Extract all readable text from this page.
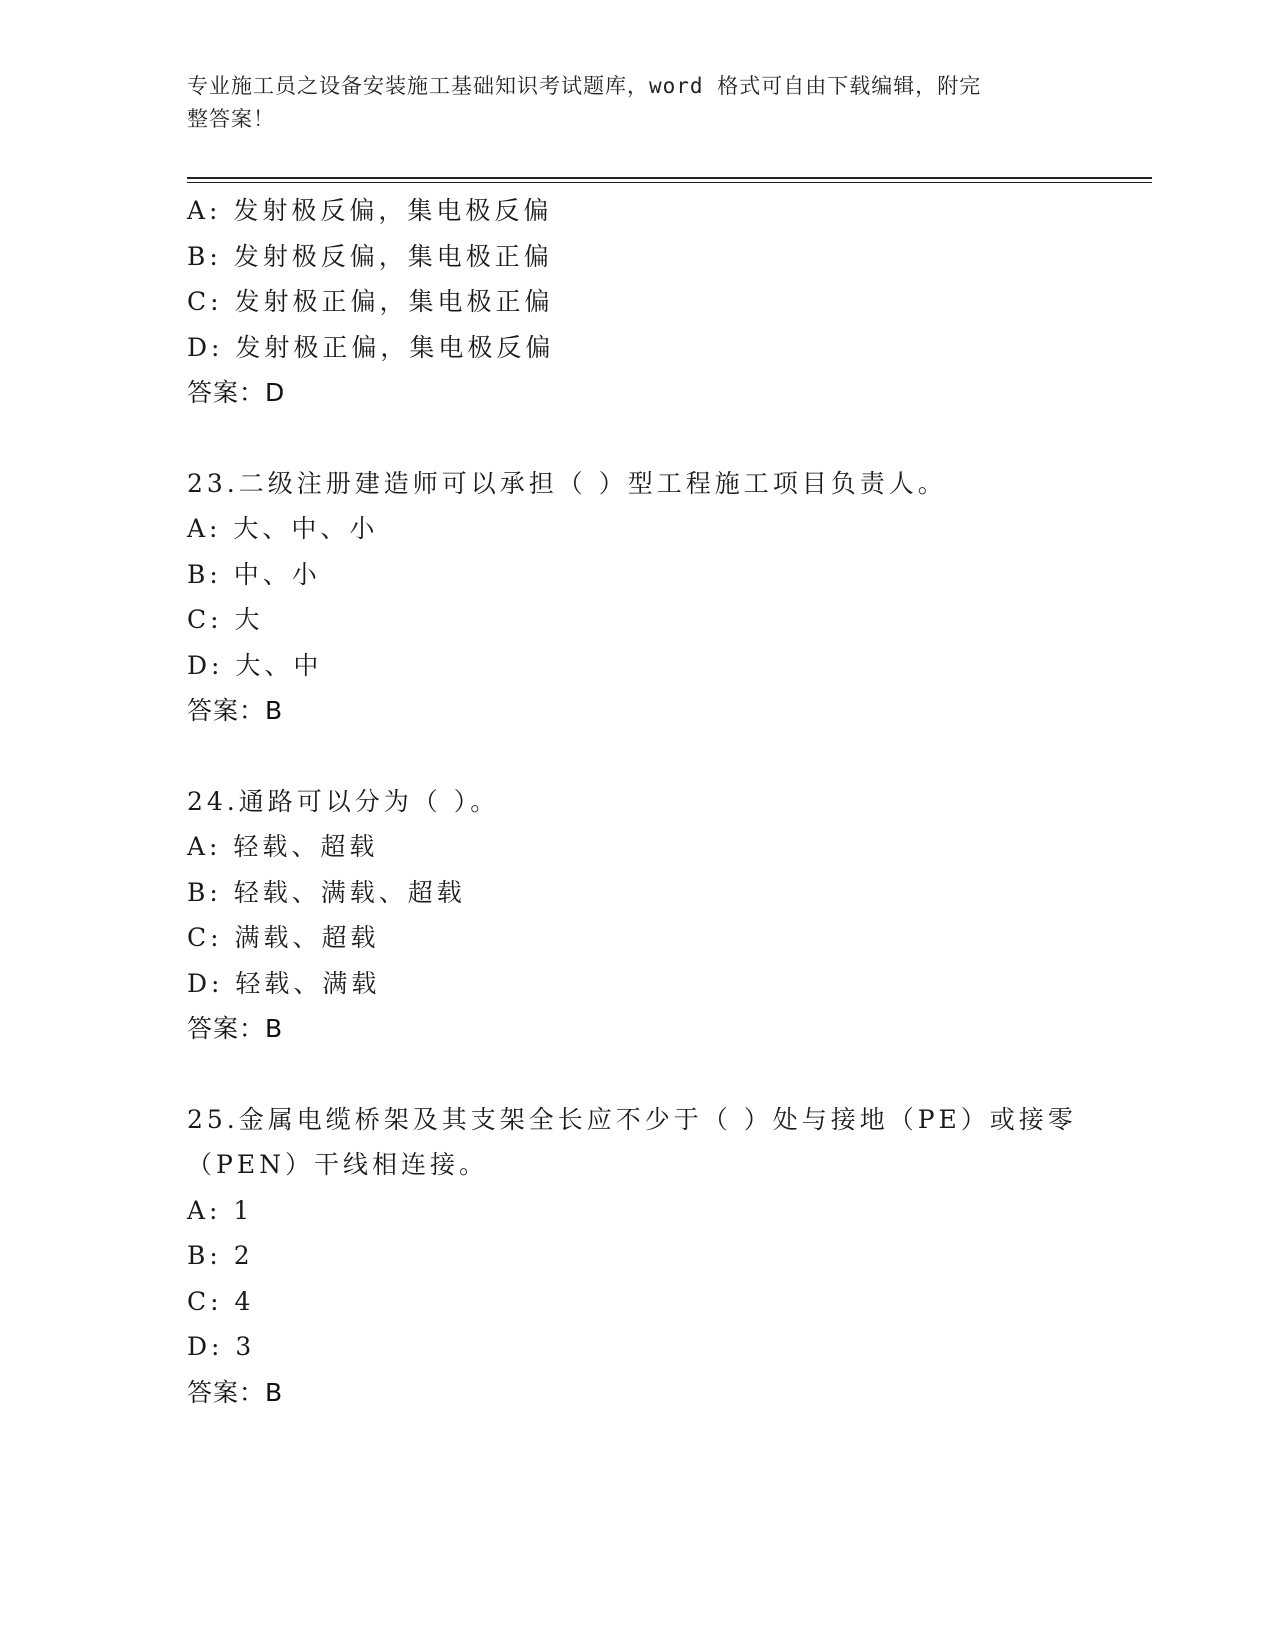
专业施工员之设备安装施工基础知识考试题库，word 格式可自由下载编辑，附完
整答案！
A: 发射极反偏，集电极反偏
B: 发射极反偏，集电极正偏
C: 发射极正偏，集电极正偏
D: 发射极正偏，集电极反偏
答案：D
23.二级注册建造师可以承担（ ）型工程施工项目负责人。
A: 大、中、小
B: 中、小
C: 大
D: 大、中
答案：B
24.通路可以分为（ ）。
A: 轻载、超载
B: 轻载、满载、超载
C: 满载、超载
D: 轻载、满载
答案：B
25.金属电缆桥架及其支架全长应不少于（ ）处与接地（PE）或接零
（PEN）干线相连接。
A: 1
B: 2
C: 4
D: 3
答案：B
